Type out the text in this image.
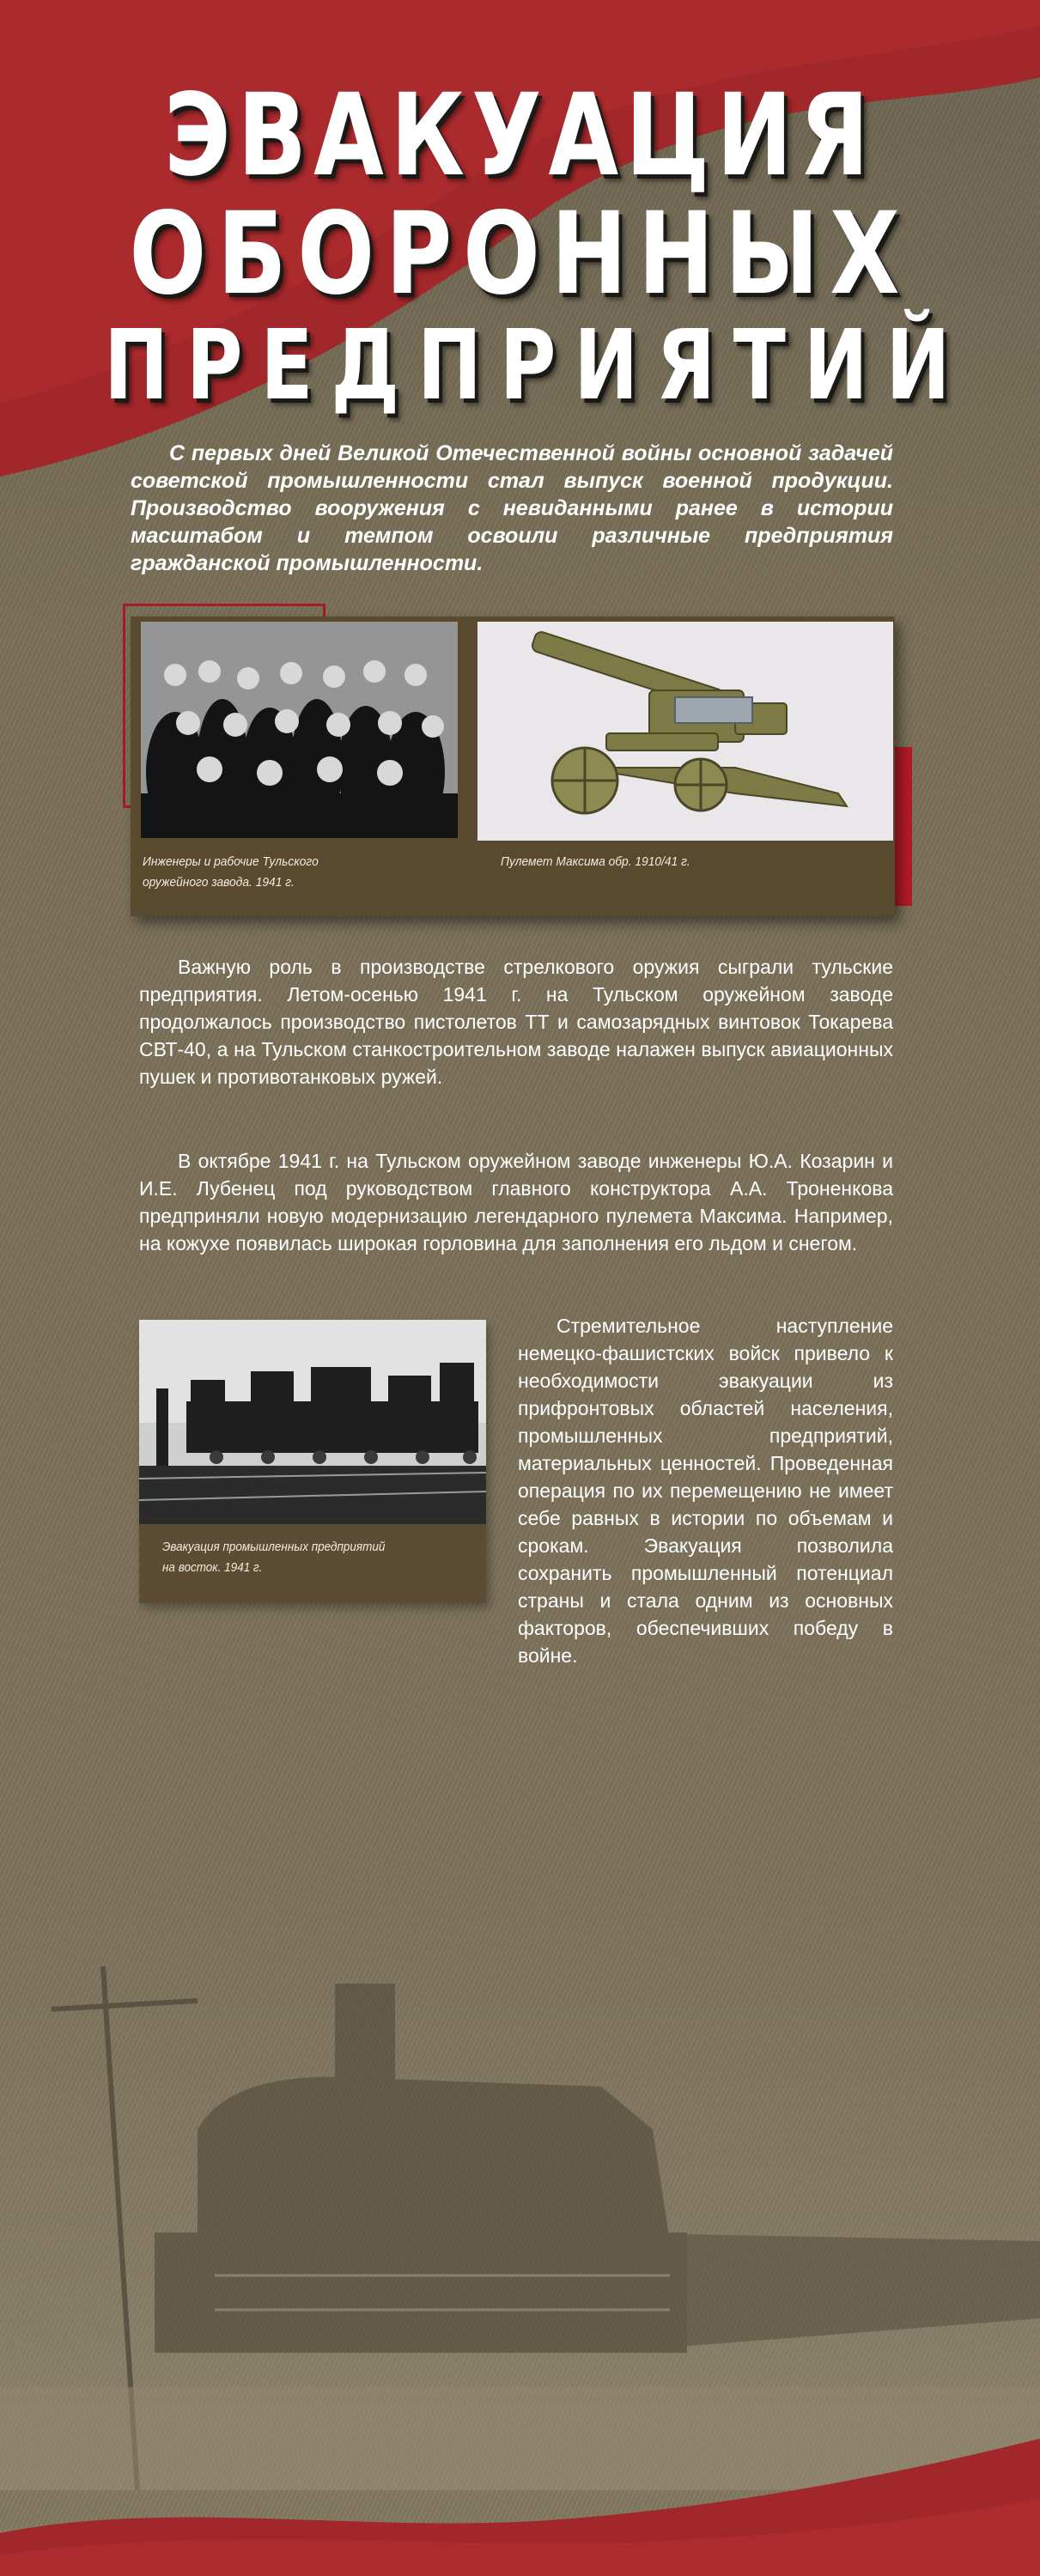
ЭВАКУАЦИЯ
ОБОРОННЫХ
ПРЕДПРИЯТИЙ

С первых дней Великой Отечественной войны основной задачей советской промышленности стал выпуск военной продукции. Производство вооружения с невиданными ранее в истории масштабом и темпом освоили различные предприятия гражданской промышленности.

Инженеры и рабочие Тульского
оружейного завода. 1941 г.

Пулемет Максима обр. 1910/41 г.

Важную роль в производстве стрелкового оружия сыграли тульские предприятия. Летом-осенью 1941 г. на Тульском оружейном заводе продолжалось производство пистолетов ТТ и самозарядных винтовок Токарева СВТ-40, а на Тульском станкостроительном заводе налажен выпуск авиационных пушек и противотанковых ружей.

В октябре 1941 г. на Тульском оружейном заводе инженеры Ю.А. Козарин и И.Е. Лубенец под руководством главного конструктора А.А. Троненкова предприняли новую модернизацию легендарного пулемета Максима. Например, на кожухе появилась широкая горловина для заполнения его льдом и снегом.

Эвакуация промышленных предприятий
на восток. 1941 г.

Стремительное наступление немецко-фашистских войск привело к необходимости эвакуации из прифронтовых областей населения, промышленных предприятий, материальных ценностей. Проведенная операция по их перемещению не имеет себе равных в истории по объемам и срокам. Эвакуация позволила сохранить промышленный потенциал страны и стала одним из основных факторов, обеспечивших победу в войне.
